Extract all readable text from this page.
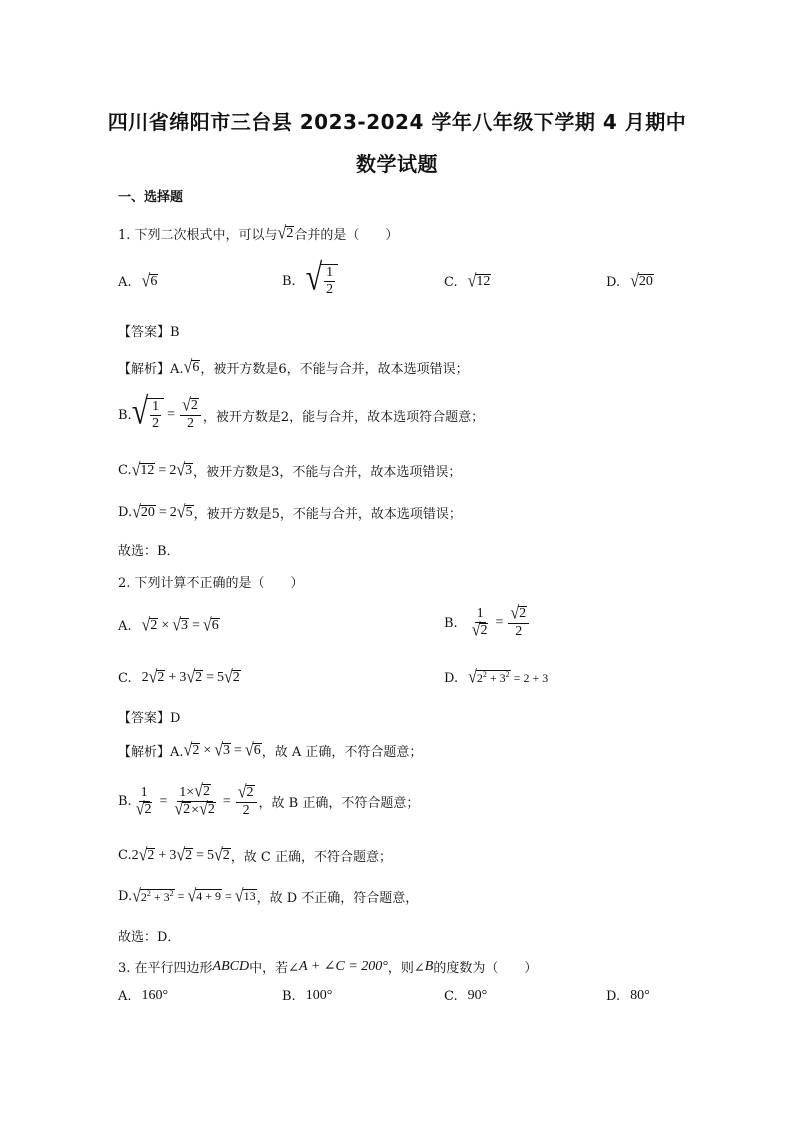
四川省绵阳市三台县 2023-2024 学年八年级下学期 4 月期中
数学试题
一、选择题
1. 下列二次根式中，可以与 √ 2 合并的是（　　）
A. √ 6	B. √ $\frac{1}{2}$	C. √ 12	D. √ 20
【答案】B
【解析】A. √ 6 ，被开方数是6，不能与合并，故本选项错误；
B. √ $\frac{1}{2} = \frac{√ 2}{2}$ ，被开方数是2，能与合并，故本选项符合题意；
C. √ 12 = 2 √ 3 ，被开方数是3，不能与合并，故本选项错误；
D. √ 20 = 2 √ 5 ，被开方数是5，不能与合并，故本选项错误；
故选：B．
2. 下列计算不正确的是（　　）
A. √ 2 × √ 3 = √ 6	B. $\frac{1}{√ 2} = \frac{√ 2}{2}$
C. 2 √ 2 + 3 √ 2 = 5 √ 2	D. √ $2^2 + 3^2 = 2 + 3$
【答案】D
【解析】A. √ 2 × √ 3 = √ 6 ，故 A 正确，不符合题意；
B. $\frac{1}{√ 2} = \frac{1\times √ 2}{√ 2 \times √ 2} = \frac{√ 2}{2}$ ，故 B 正确，不符合题意；
C. 2 √ 2 + 3 √ 2 = 5 √ 2 ，故 C 正确，不符合题意；
D. √ $2^2 + 3^2$ = √ 4 + 9 = √ 13 ，故 D 不正确，符合题意，
故选：D．
3. 在平行四边形 ABCD 中，若∠ A + ∠C = 200° ，则∠ B 的度数为（　　）
A. 160°	B. 100°	C. 90°	D. 80°
